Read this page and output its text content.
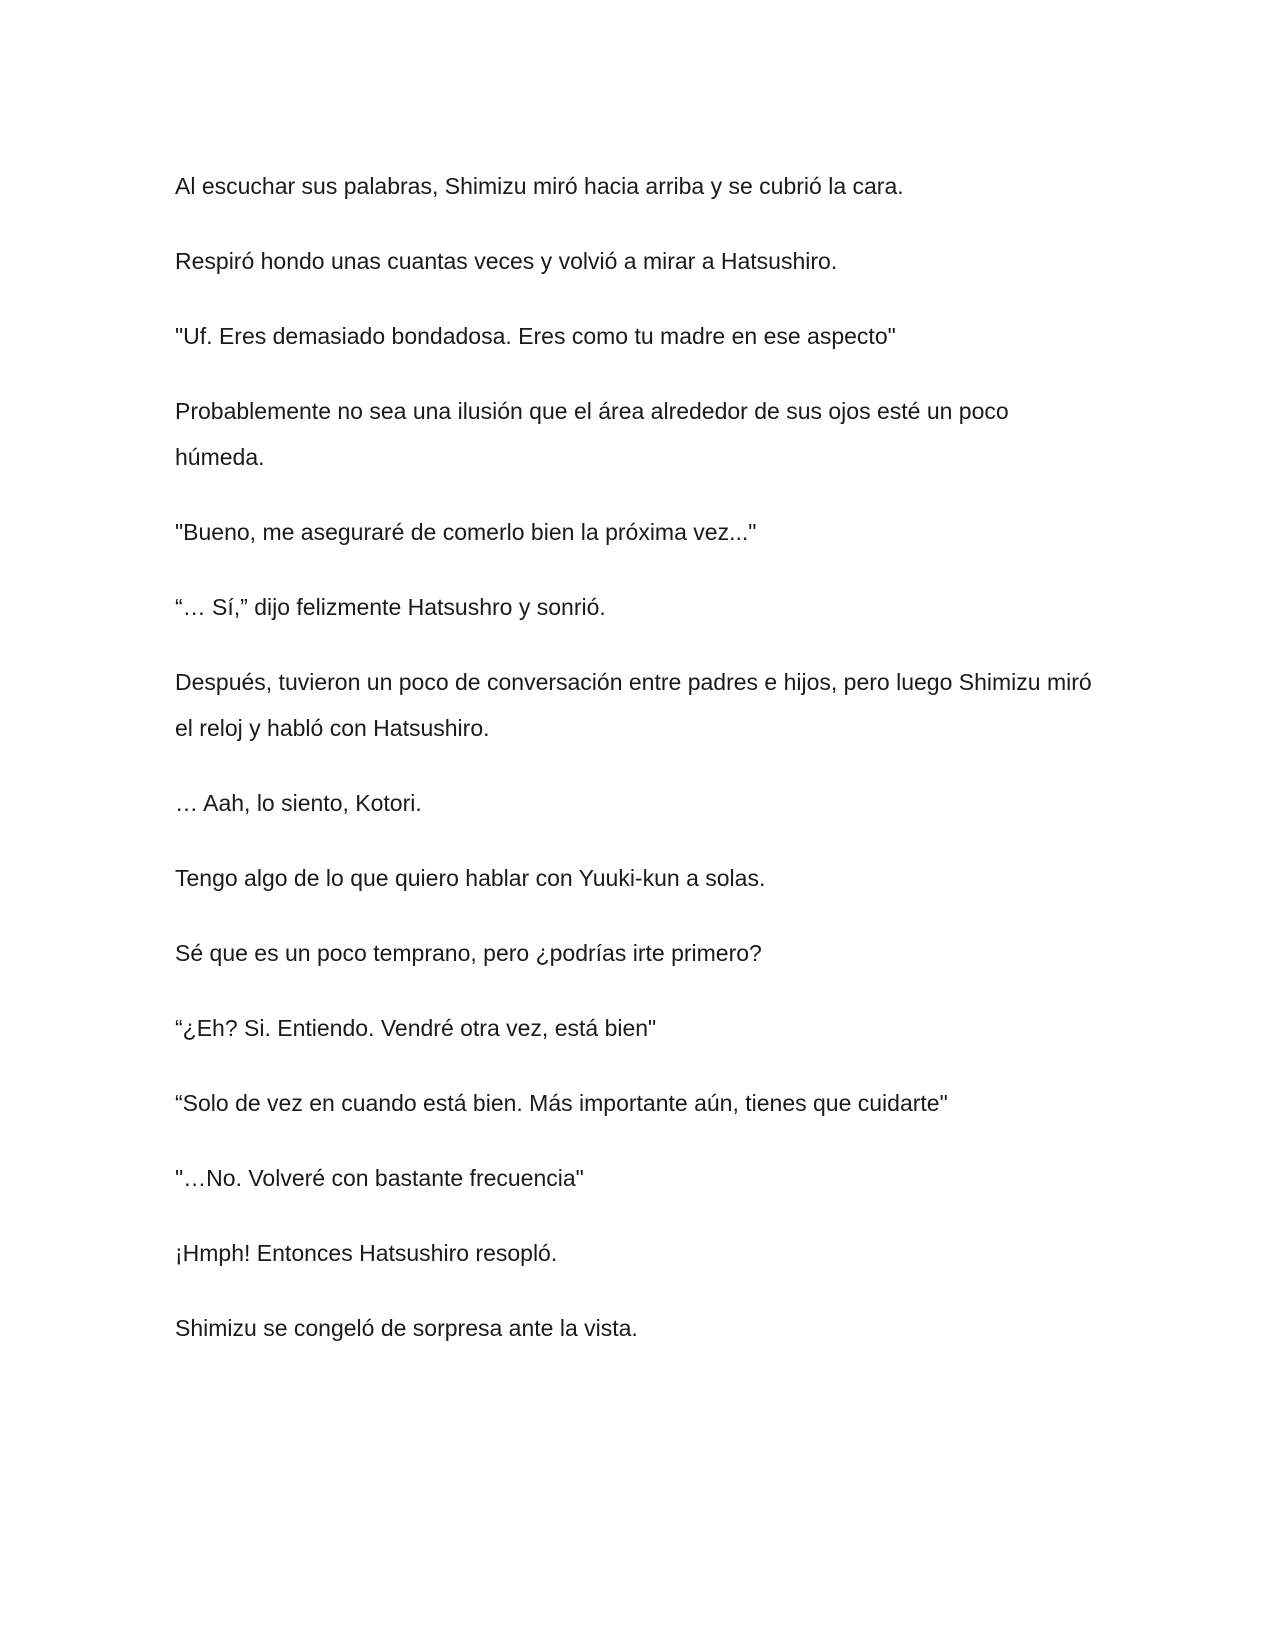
Al escuchar sus palabras, Shimizu miró hacia arriba y se cubrió la cara.

Respiró hondo unas cuantas veces y volvió a mirar a Hatsushiro.

"Uf. Eres demasiado bondadosa. Eres como tu madre en ese aspecto"

Probablemente no sea una ilusión que el área alrededor de sus ojos esté un poco húmeda.

"Bueno, me aseguraré de comerlo bien la próxima vez..."

“… Sí,” dijo felizmente Hatsushro y sonrió.

Después, tuvieron un poco de conversación entre padres e hijos, pero luego Shimizu miró el reloj y habló con Hatsushiro.

… Aah, lo siento, Kotori.

Tengo algo de lo que quiero hablar con Yuuki-kun a solas.

Sé que es un poco temprano, pero ¿podrías irte primero?

“¿Eh? Si. Entiendo. Vendré otra vez, está bien"

“Solo de vez en cuando está bien. Más importante aún, tienes que cuidarte"

"…No. Volveré con bastante frecuencia"

¡Hmph! Entonces Hatsushiro resopló.

Shimizu se congeló de sorpresa ante la vista.
